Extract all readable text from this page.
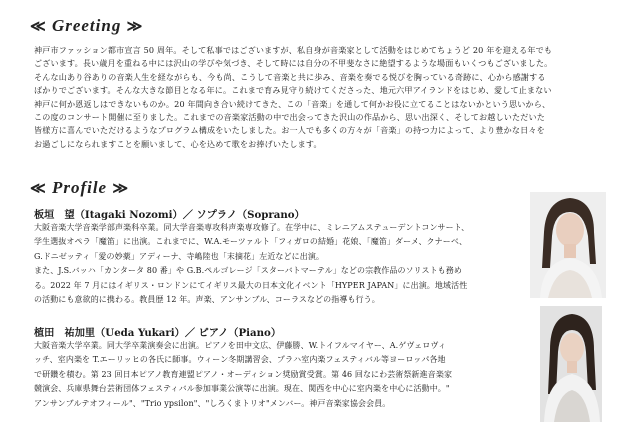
≪ Greeting ≫

神戸市ファッション都市宣言 50 周年。そして私事ではございますが、私自身が音楽家として活動をはじめてちょうど 20 年を迎える年でも

ございます。長い歳月を重ねる中には沢山の学びや気づき、そして時には自分の不甲斐なさに絶望するような場面もいくつもございました。

そんな山あり谷ありの音楽人生を経ながらも、今も尚、こうして音楽と共に歩み、音楽を奏でる悦びを胸っている奇跡に、心から感謝する

ばかりでございます。そんな大きな節目となる年に。これまで育み見守り続けてくださった、地元六甲アイランドをはじめ、愛して止まない

神戸に何か恩返しはできないものか。20 年間向き合い続けてきた、この「音楽」を通して何かお役に立てることはないかという思いから、

この度のコンサート開催に至りました。これまでの音楽家活動の中で出会ってきた沢山の作品から、思い出深く、そしてお越しいただいた

皆様方に喜んでいただけるようなプログラム構成をいたしました。お一人でも多くの方々が「音楽」の持つ力によって、より豊かな日々を

お過ごしになられますことを願いまして、心を込めて歌をお捧げいたします。

≪ Profile ≫
板垣　望（Itagaki Nozomi）／ ソプラノ（Soprano）

大阪音楽大学音楽学部声楽科卒業。同大学音楽専攻科声楽専攻修了。在学中に、ミレニアムステューデントコンサート、

学生選抜オペラ「魔笛」に出演。これまでに、W.A.モーツァルト「フィガロの結婚」花娘、「魔笛」ダーメ、クナーベ、

G.ドニゼッティ「愛の妙薬」アディーナ、寺嶋陸也「末摘花」左近などに出演。

また、J.S.バッハ「カンタータ 80 番」や G.B.ペルゴレージ「スターバトマーテル」などの宗教作品のソリストも務め

る。2022 年 7 月にはイギリス・ロンドンにてイギリス最大の日本文化イベント「HYPER JAPAN」に出演。地域活性

の活動にも意欲的に携わる。教員歴 12 年。声楽、アンサンブル、コーラスなどの指導も行う。

植田　祐加里（Ueda Yukari）／ ピアノ（Piano）

大阪音楽大学卒業。同大学卒業演奏会に出演。ピアノを田中文広、伊藤勝、W.トイフルマイヤー、A.ゲヴェロヴィ

ッチ、室内楽を T.エーリッヒの各氏に師事。ウィーン冬期講習会、プラハ室内楽フェスティバル等ヨーロッパ各地

で研鑽を積む。第 23 回日本ピアノ教育連盟ピアノ・オーディション奨励賞受賞。第 46 回なにわ芸術祭新進音楽家

競演会、兵庫県舞台芸術団体フェスティバル参加事業公演等に出演。現在、関西を中心に室内楽を中心に活動中。"

アンサンブルテオフィール"、"Trio ypsilon"、"しろくまトリオ"メンバー。神戸音楽家協会会員。
